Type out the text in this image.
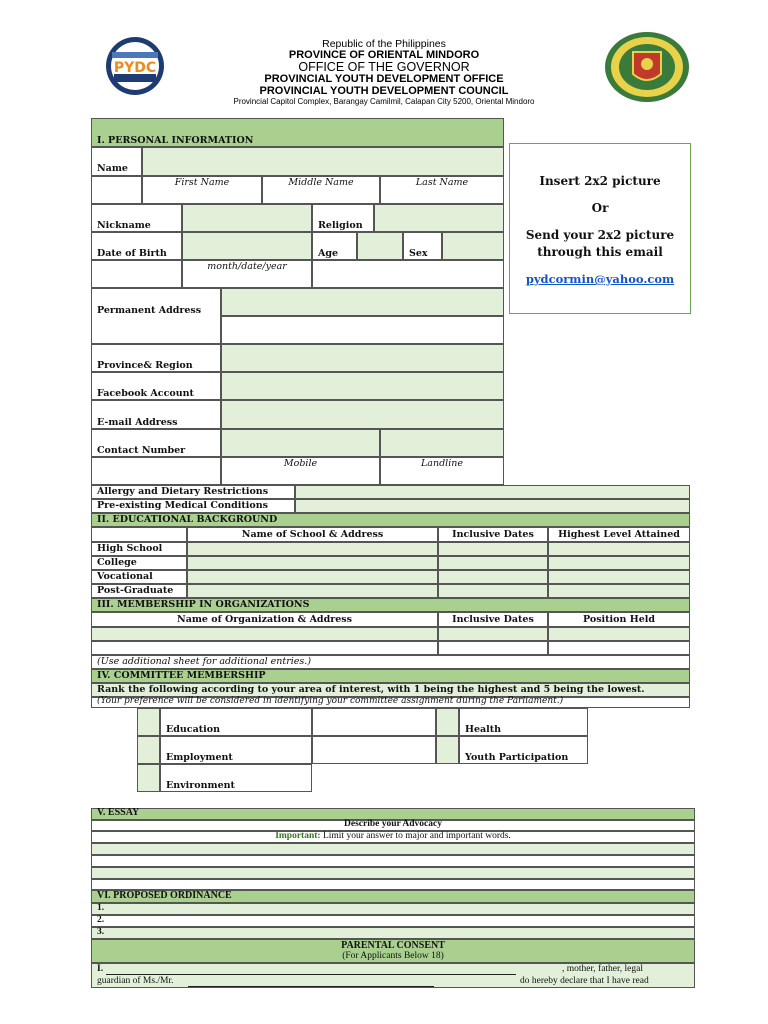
Republic of the Philippines
PROVINCE OF ORIENTAL MINDORO
OFFICE OF THE GOVERNOR
PROVINCIAL YOUTH DEVELOPMENT OFFICE
PROVINCIAL YOUTH DEVELOPMENT COUNCIL
Provincial Capitol Complex, Barangay Camilmil, Calapan City 5200, Oriental Mindoro
PYDC
Insert 2x2 picture
Or
Send your 2x2 picture
through this email
pydcormin@yahoo.com
I. PERSONAL INFORMATION
Name
First Name	Middle Name	Last Name
Nickname	Religion
Date of Birth	Age	Sex
month/date/year
Permanent Address
Province& Region
Facebook Account
E-mail Address
Contact Number
Mobile	Landline
Allergy and Dietary Restrictions
Pre-existing Medical Conditions
II. EDUCATIONAL BACKGROUND
Name of School & Address	Inclusive Dates	Highest Level Attained
High School
College
Vocational
Post-Graduate
III. MEMBERSHIP IN ORGANIZATIONS
Name of Organization & Address	Inclusive Dates	Position Held
(Use additional sheet for additional entries.)
IV. COMMITTEE MEMBERSHIP
Rank the following according to your area of interest, with 1 being the highest and 5 being the lowest.
(Your preference will be considered in identifying your committee assignment during the Parliament.)
Education	Health
Employment	Youth Participation
Environment
V. ESSAY
Describe your Advocacy
Important: Limit your answer to major and important words.
VI. PROPOSED ORDINANCE
1.
2.
3.
PARENTAL CONSENT
(For Applicants Below 18)
I.	, mother, father, legal
guardian of Ms./Mr.	do hereby declare that I have read
